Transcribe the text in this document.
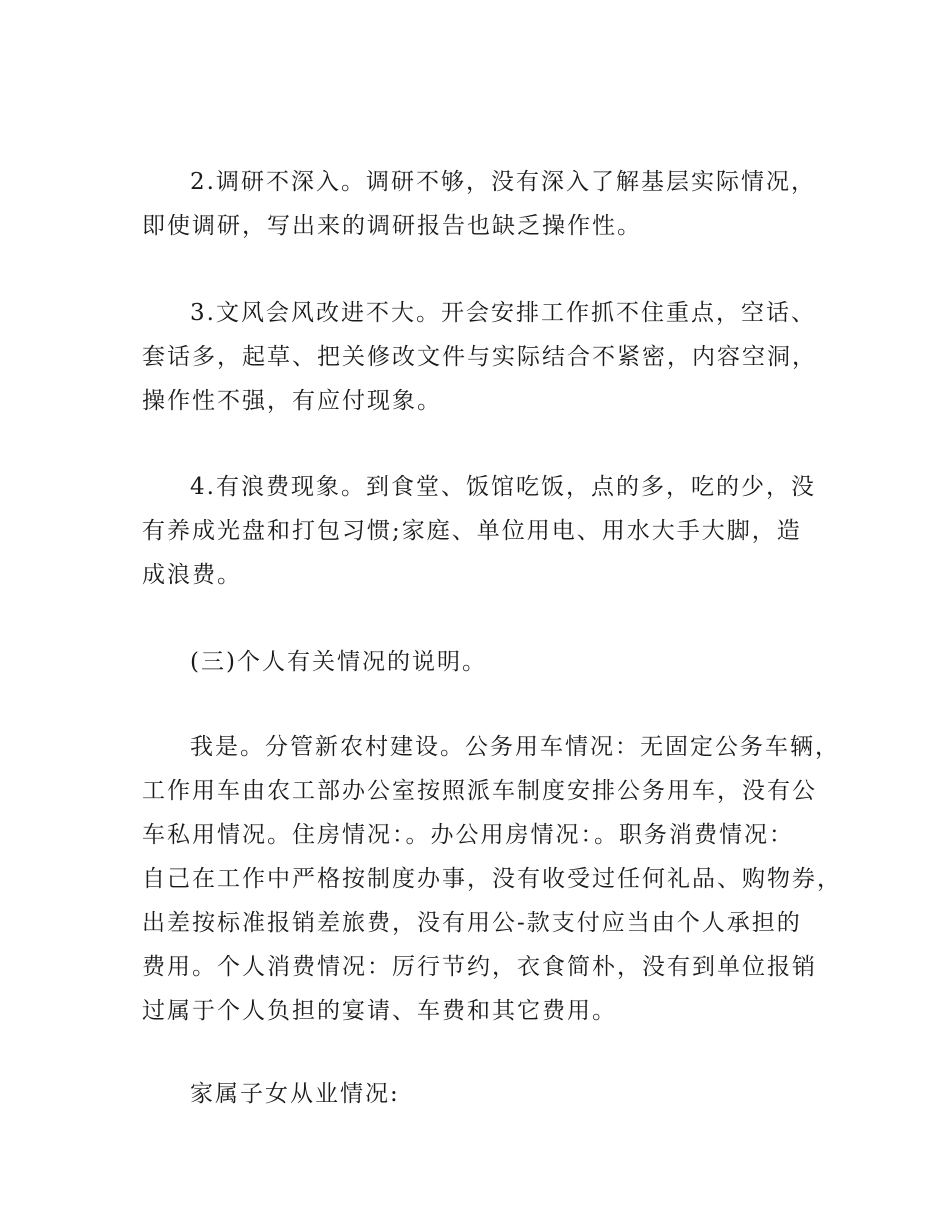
2.调研不深入。调研不够，没有深入了解基层实际情况，
即使调研，写出来的调研报告也缺乏操作性。
3.文风会风改进不大。开会安排工作抓不住重点，空话、
套话多，起草、把关修改文件与实际结合不紧密，内容空洞，
操作性不强，有应付现象。
4.有浪费现象。到食堂、饭馆吃饭，点的多，吃的少，没
有养成光盘和打包习惯;家庭、单位用电、用水大手大脚，造
成浪费。
(三)个人有关情况的说明。
我是。分管新农村建设。公务用车情况：无固定公务车辆，
工作用车由农工部办公室按照派车制度安排公务用车，没有公
车私用情况。住房情况：。办公用房情况：。职务消费情况：
自己在工作中严格按制度办事，没有收受过任何礼品、购物券，
出差按标准报销差旅费，没有用公-款支付应当由个人承担的
费用。个人消费情况：厉行节约，衣食简朴，没有到单位报销
过属于个人负担的宴请、车费和其它费用。
家属子女从业情况:
